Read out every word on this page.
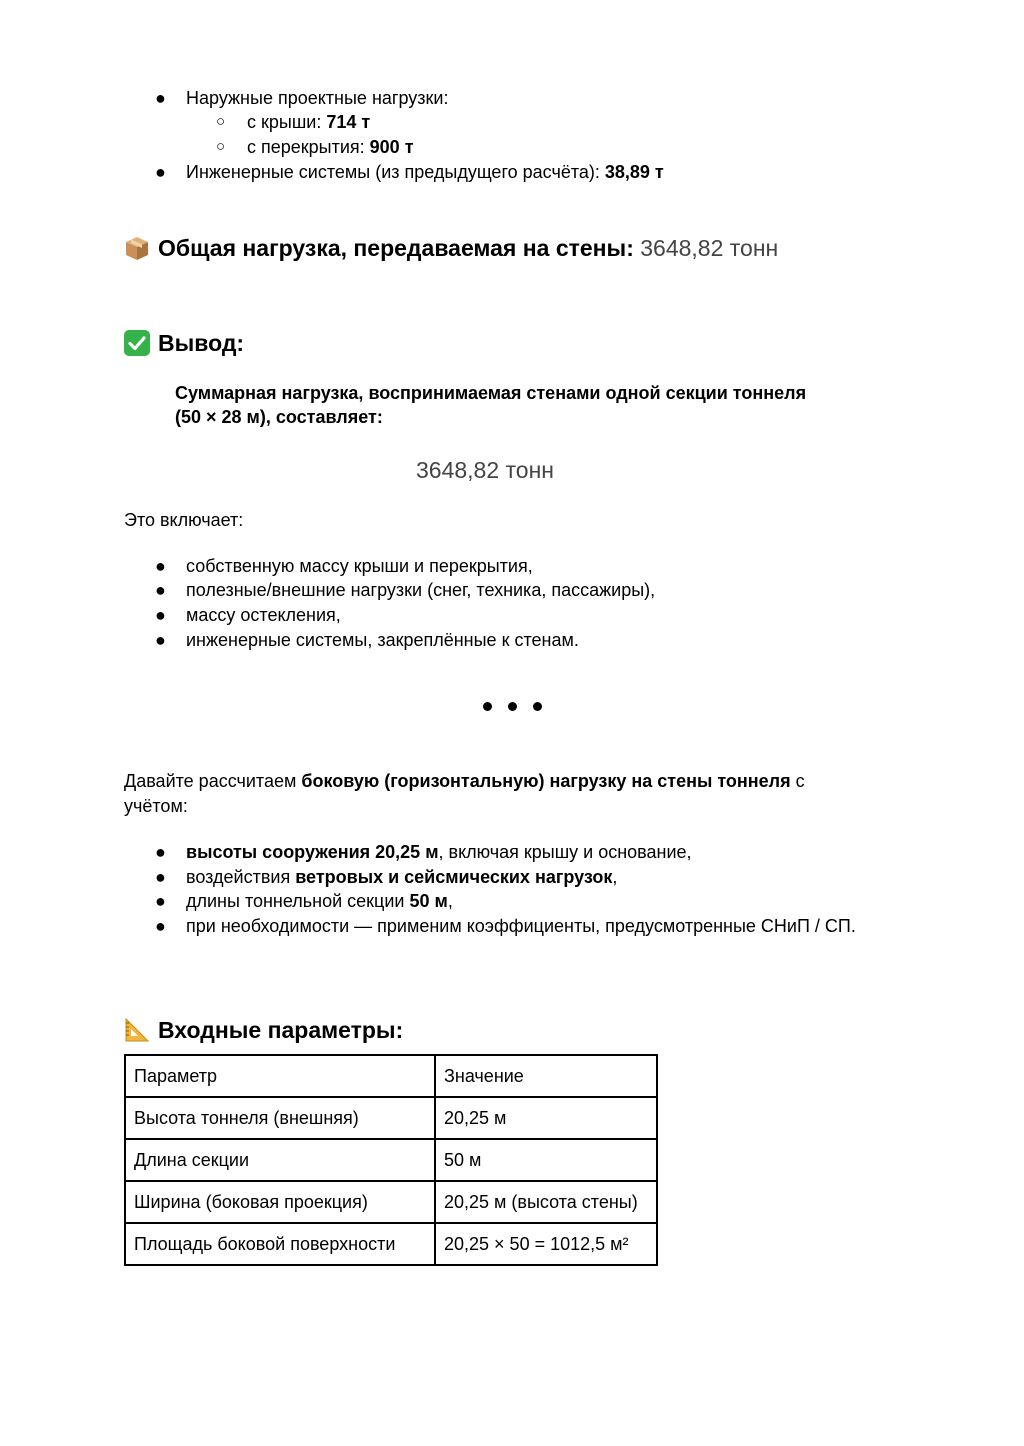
● Наружные проектные нагрузки:
○ с крыши: 714 т
○ с перекрытия: 900 т
● Инженерные системы (из предыдущего расчёта): 38,89 т
Общая нагрузка, передаваемая на стены: 3648,82 тонн
Вывод:
Суммарная нагрузка, воспринимаемая стенами одной секции тоннеля
(50 × 28 м), составляет:
3648,82 тонн
Это включает:
● собственную массу крыши и перекрытия,
● полезные/внешние нагрузки (снег, техника, пассажиры),
● массу остекления,
● инженерные системы, закреплённые к стенам.
Давайте рассчитаем боковую (горизонтальную) нагрузку на стены тоннеля с
учётом:
● высоты сооружения 20,25 м, включая крышу и основание,
● воздействия ветровых и сейсмических нагрузок,
● длины тоннельной секции 50 м,
● при необходимости — применим коэффициенты, предусмотренные СНиП / СП.
Входные параметры:
Параметр	Значение
Высота тоннеля (внешняя)	20,25 м
Длина секции	50 м
Ширина (боковая проекция)	20,25 м (высота стены)
Площадь боковой поверхности	20,25 × 50 = 1012,5 м²
